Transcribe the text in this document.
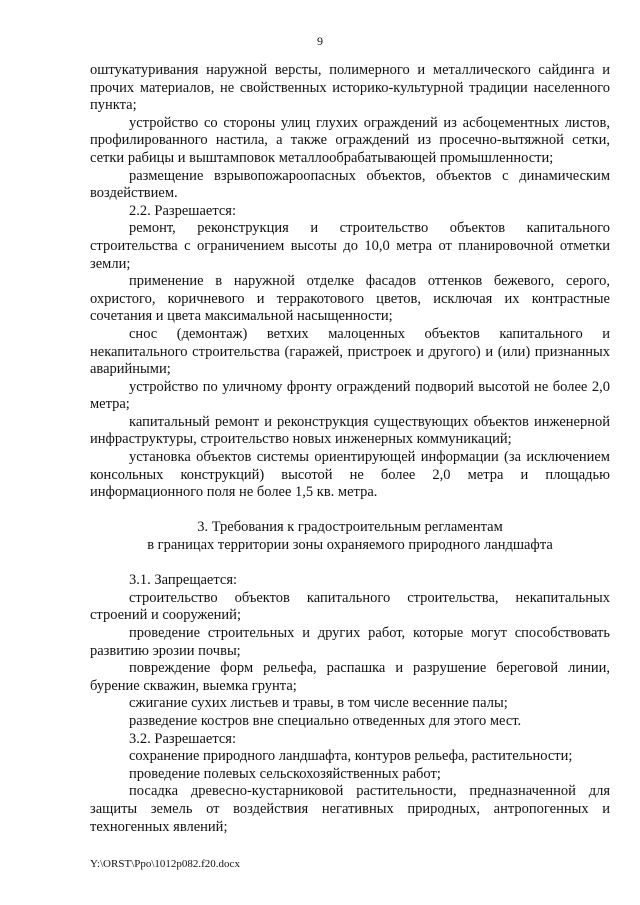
9

оштукатуривания наружной версты, полимерного и металлического сайдинга и прочих материалов, не свойственных историко-культурной традиции населенного пункта;

устройство со стороны улиц глухих ограждений из асбоцементных листов, профилированного настила, а также ограждений из просечно-вытяжной сетки, сетки рабицы и выштамповок металлообрабатывающей промышленности;

размещение взрывопожароопасных объектов, объектов с динамическим воздействием.

2.2. Разрешается:

ремонт, реконструкция и строительство объектов капитального строительства с ограничением высоты до 10,0 метра от планировочной отметки земли;

применение в наружной отделке фасадов оттенков бежевого, серого, охристого, коричневого и терракотового цветов, исключая их контрастные сочетания и цвета максимальной насыщенности;

снос (демонтаж) ветхих малоценных объектов капитального и некапитального строительства (гаражей, пристроек и другого) и (или) признанных аварийными;

устройство по уличному фронту ограждений подворий высотой не более 2,0 метра;

капитальный ремонт и реконструкция существующих объектов инженерной инфраструктуры, строительство новых инженерных коммуникаций;

установка объектов системы ориентирующей информации (за исключением консольных конструкций) высотой не более 2,0 метра и площадью информационного поля не более 1,5 кв. метра.

3. Требования к градостроительным регламентам

в границах территории зоны охраняемого природного ландшафта

3.1. Запрещается:

строительство объектов капитального строительства, некапитальных строений и сооружений;

проведение строительных и других работ, которые могут способствовать развитию эрозии почвы;

повреждение форм рельефа, распашка и разрушение береговой линии, бурение скважин, выемка грунта;

сжигание сухих листьев и травы, в том числе весенние палы;

разведение костров вне специально отведенных для этого мест.

3.2. Разрешается:

сохранение природного ландшафта, контуров рельефа, растительности;

проведение полевых сельскохозяйственных работ;

посадка древесно-кустарниковой растительности, предназначенной для защиты земель от воздействия негативных природных, антропогенных и техногенных явлений;

Y:\ORST\Ppo\1012p082.f20.docx
